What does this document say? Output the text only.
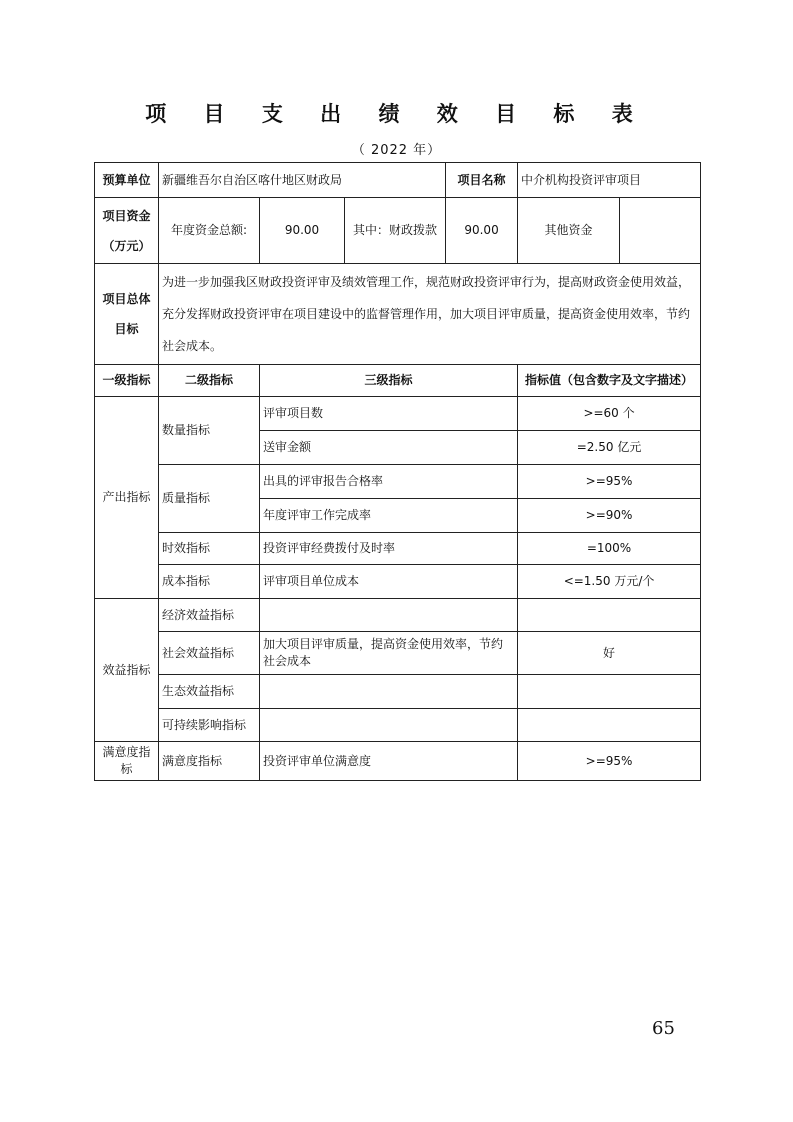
项 目 支 出 绩 效 目 标 表
（ 2022 年）
预算单位	新疆维吾尔自治区喀什地区财政局			项目名称	中介机构投资评审项目	
项目资金（万元）	年度资金总额:	90.00	其中：财政拨款	90.00	其他资金	
项目总体目标	为进一步加强我区财政投资评审及绩效管理工作，规范财政投资评审行为，提高财政资金使用效益，充分发挥财政投资评审在项目建设中的监督管理作用，加大项目评审质量，提高资金使用效率，节约社会成本。					
一级指标	二级指标	三级指标			指标值（包含数字及文字描述）	
产出指标	数量指标	评审项目数			>=60 个	
		送审金额			=2.50 亿元	
	质量指标	出具的评审报告合格率			>=95%	
		年度评审工作完成率			>=90%	
	时效指标	投资评审经费拨付及时率			=100%	
	成本指标	评审项目单位成本			<=1.50 万元/个	
效益指标	经济效益指标					
	社会效益指标	加大项目评审质量，提高资金使用效率，节约社会成本			好	
	生态效益指标					
	可持续影响指标					
满意度指标	满意度指标	投资评审单位满意度			>=95%	
65
